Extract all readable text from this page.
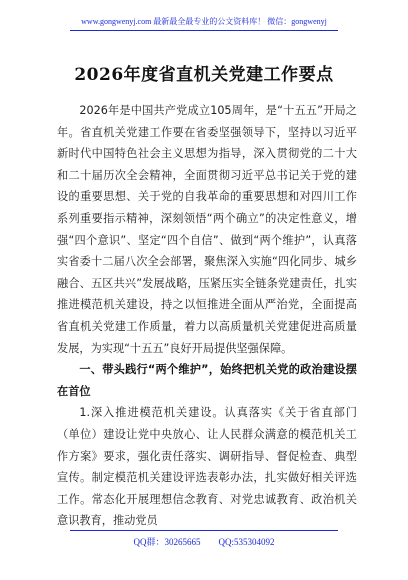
www.gongwenyj.com 最新最全最专业的公文资料库！ 微信：gongwenyj
2026年度省直机关党建工作要点

2026年是中国共产党成立105周年，是“十五五”开局之年。省直机关党建工作要在省委坚强领导下，坚持以习近平新时代中国特色社会主义思想为指导，深入贯彻党的二十大和二十届历次全会精神，全面贯彻习近平总书记关于党的建设的重要思想、关于党的自我革命的重要思想和对四川工作系列重要指示精神，深刻领悟“两个确立”的决定性意义，增强“四个意识”、坚定“四个自信”、做到“两个维护”，认真落实省委十二届八次全会部署，聚焦深入实施“四化同步、城乡融合、五区共兴”发展战略，压紧压实全链条党建责任，扎实推进模范机关建设，持之以恒推进全面从严治党，全面提高省直机关党建工作质量，着力以高质量机关党建促进高质量发展，为实现“十五五”良好开局提供坚强保障。

一、带头践行“两个维护”，始终把机关党的政治建设摆在首位

1.深入推进模范机关建设。认真落实《关于省直部门（单位）建设让党中央放心、让人民群众满意的模范机关工作方案》要求，强化责任落实、调研指导、督促检查、典型宣传。制定模范机关建设评选表彰办法，扎实做好相关评选工作。常态化开展理想信念教育、对党忠诚教育、政治机关意识教育，推动党员

QQ群：30265665        QQ:535304092
